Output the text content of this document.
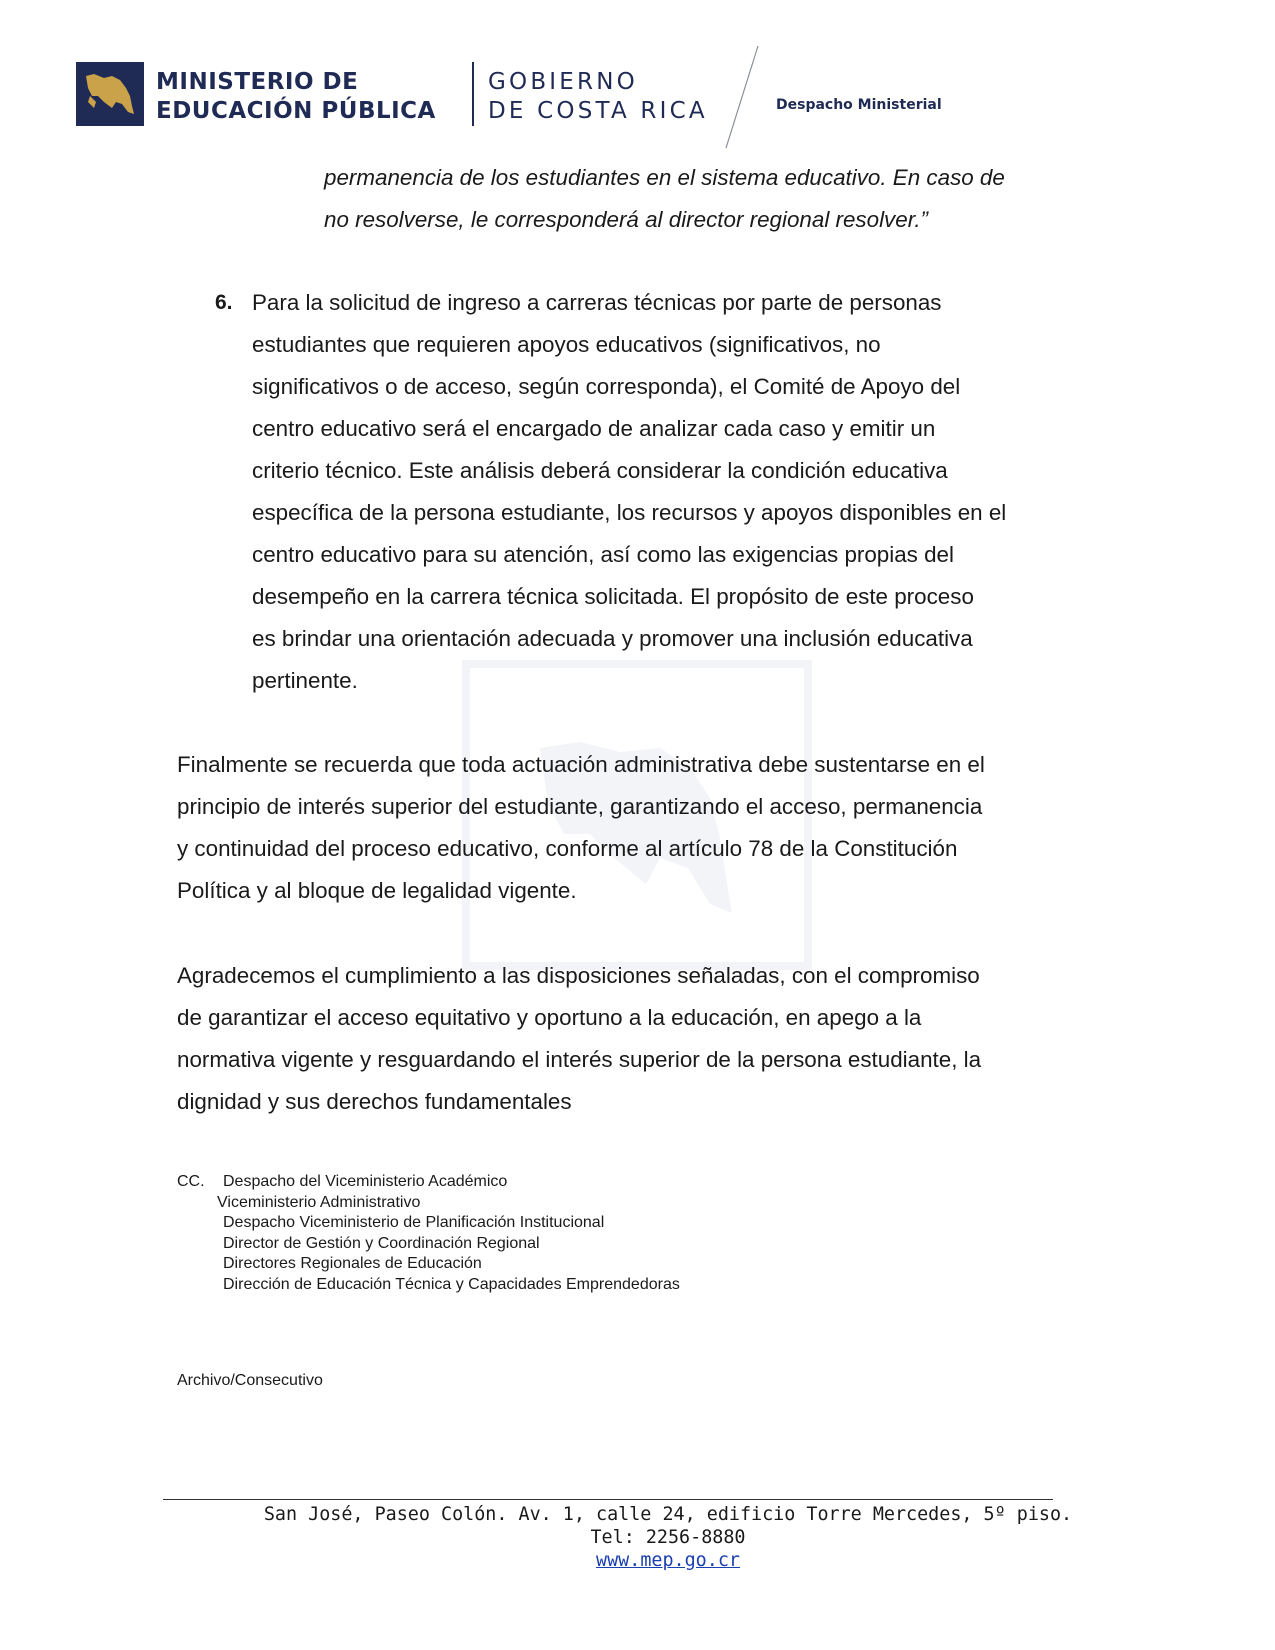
MINISTERIO DE
EDUCACIÓN PÚBLICA
GOBIERNO
DE COSTA RICA	Despacho Ministerial
permanencia de los estudiantes en el sistema educativo. En caso de
no resolverse, le corresponderá al director regional resolver.”
6. Para la solicitud de ingreso a carreras técnicas por parte de personas
estudiantes que requieren apoyos educativos (significativos, no
significativos o de acceso, según corresponda), el Comité de Apoyo del
centro educativo será el encargado de analizar cada caso y emitir un
criterio técnico. Este análisis deberá considerar la condición educativa
específica de la persona estudiante, los recursos y apoyos disponibles en el
centro educativo para su atención, así como las exigencias propias del
desempeño en la carrera técnica solicitada. El propósito de este proceso
es brindar una orientación adecuada y promover una inclusión educativa
pertinente.
Finalmente se recuerda que toda actuación administrativa debe sustentarse en el
principio de interés superior del estudiante, garantizando el acceso, permanencia
y continuidad del proceso educativo, conforme al artículo 78 de la Constitución
Política y al bloque de legalidad vigente.
Agradecemos el cumplimiento a las disposiciones señaladas, con el compromiso
de garantizar el acceso equitativo y oportuno a la educación, en apego a la
normativa vigente y resguardando el interés superior de la persona estudiante, la
dignidad y sus derechos fundamentales
CC. Despacho del Viceministerio Académico
Viceministerio Administrativo
Despacho Viceministerio de Planificación Institucional
Director de Gestión y Coordinación Regional
Directores Regionales de Educación
Dirección de Educación Técnica y Capacidades Emprendedoras
Archivo/Consecutivo
San José, Paseo Colón. Av. 1, calle 24, edificio Torre Mercedes, 5º piso.
Tel: 2256-8880
www.mep.go.cr
